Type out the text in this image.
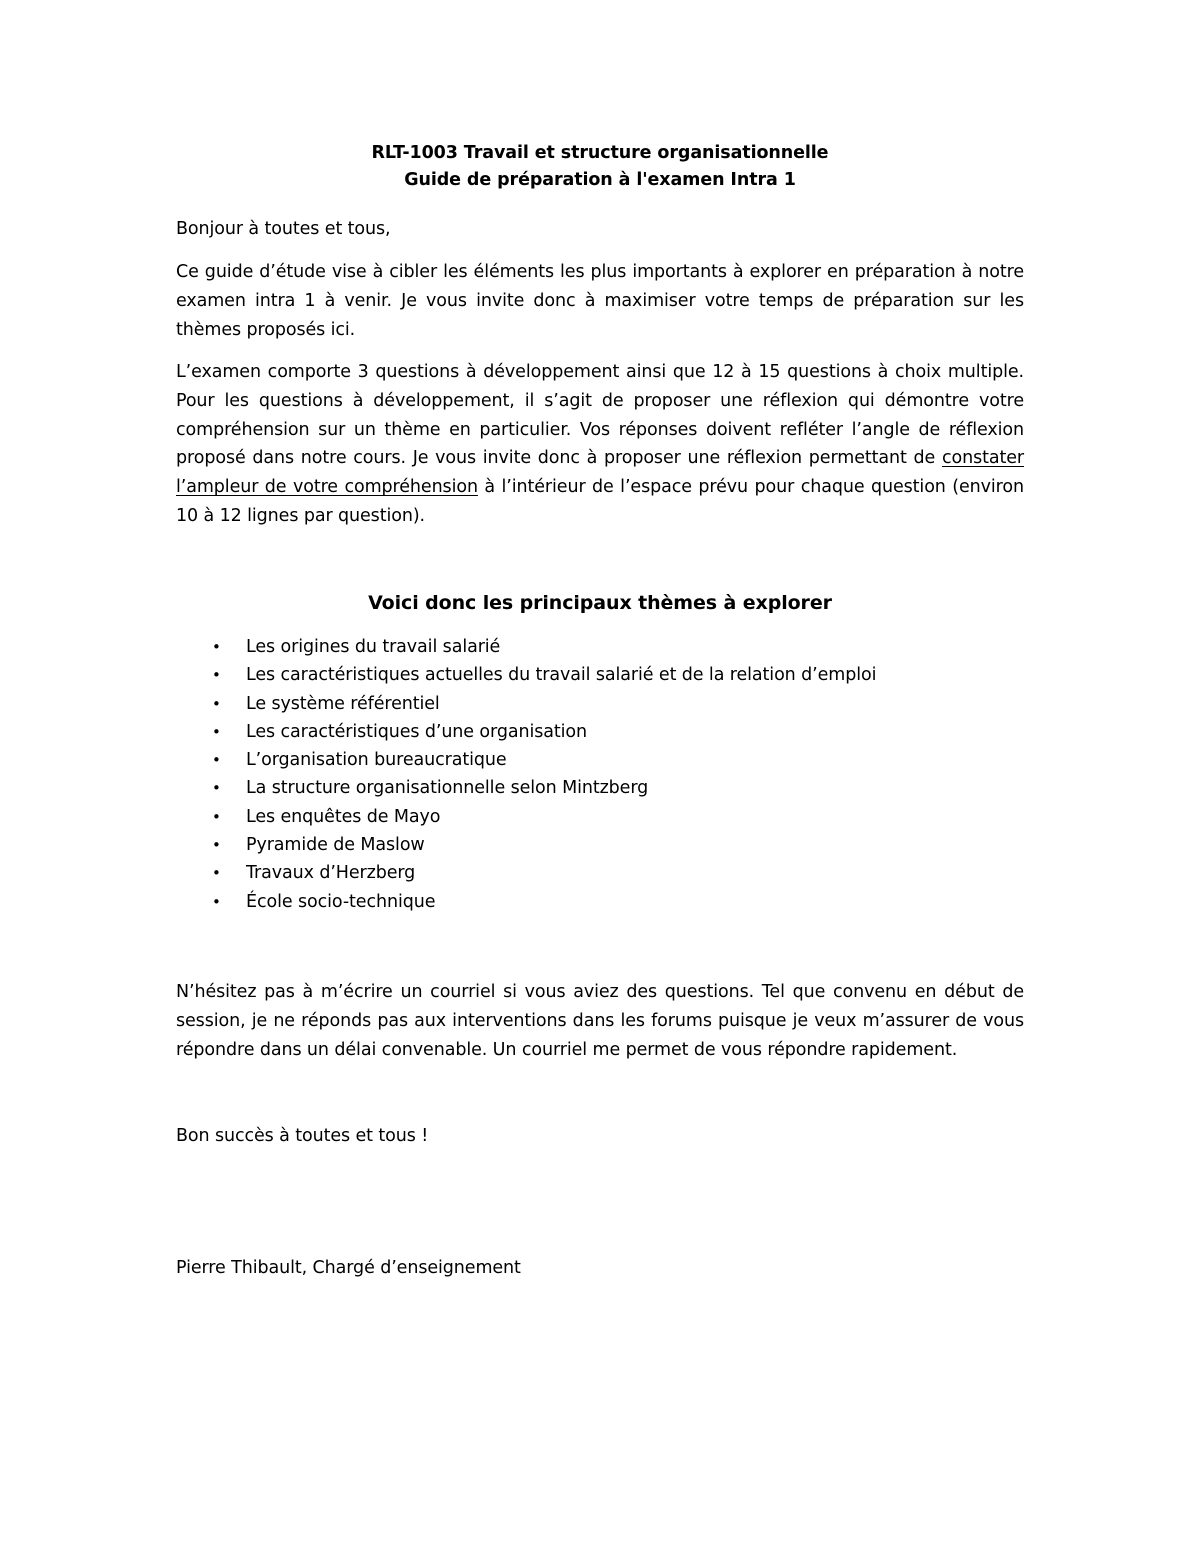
RLT-1003 Travail et structure organisationnelle
Guide de préparation à l'examen Intra 1
Bonjour à toutes et tous,
Ce guide d’étude vise à cibler les éléments les plus importants à explorer en préparation à notre examen intra 1 à venir. Je vous invite donc à maximiser votre temps de préparation sur les thèmes proposés ici.
L’examen comporte 3 questions à développement ainsi que 12 à 15 questions à choix multiple. Pour les questions à développement, il s’agit de proposer une réflexion qui démontre votre compréhension sur un thème en particulier. Vos réponses doivent refléter l’angle de réflexion proposé dans notre cours. Je vous invite donc à proposer une réflexion permettant de constater l’ampleur de votre compréhension à l’intérieur de l’espace prévu pour chaque question (environ 10 à 12 lignes par question).
Voici donc les principaux thèmes à explorer
• Les origines du travail salarié
• Les caractéristiques actuelles du travail salarié et de la relation d’emploi
• Le système référentiel
• Les caractéristiques d’une organisation
• L’organisation bureaucratique
• La structure organisationnelle selon Mintzberg
• Les enquêtes de Mayo
• Pyramide de Maslow
• Travaux d’Herzberg
• École socio-technique
N’hésitez pas à m’écrire un courriel si vous aviez des questions. Tel que convenu en début de session, je ne réponds pas aux interventions dans les forums puisque je veux m’assurer de vous répondre dans un délai convenable. Un courriel me permet de vous répondre rapidement.
Bon succès à toutes et tous !
Pierre Thibault, Chargé d’enseignement
